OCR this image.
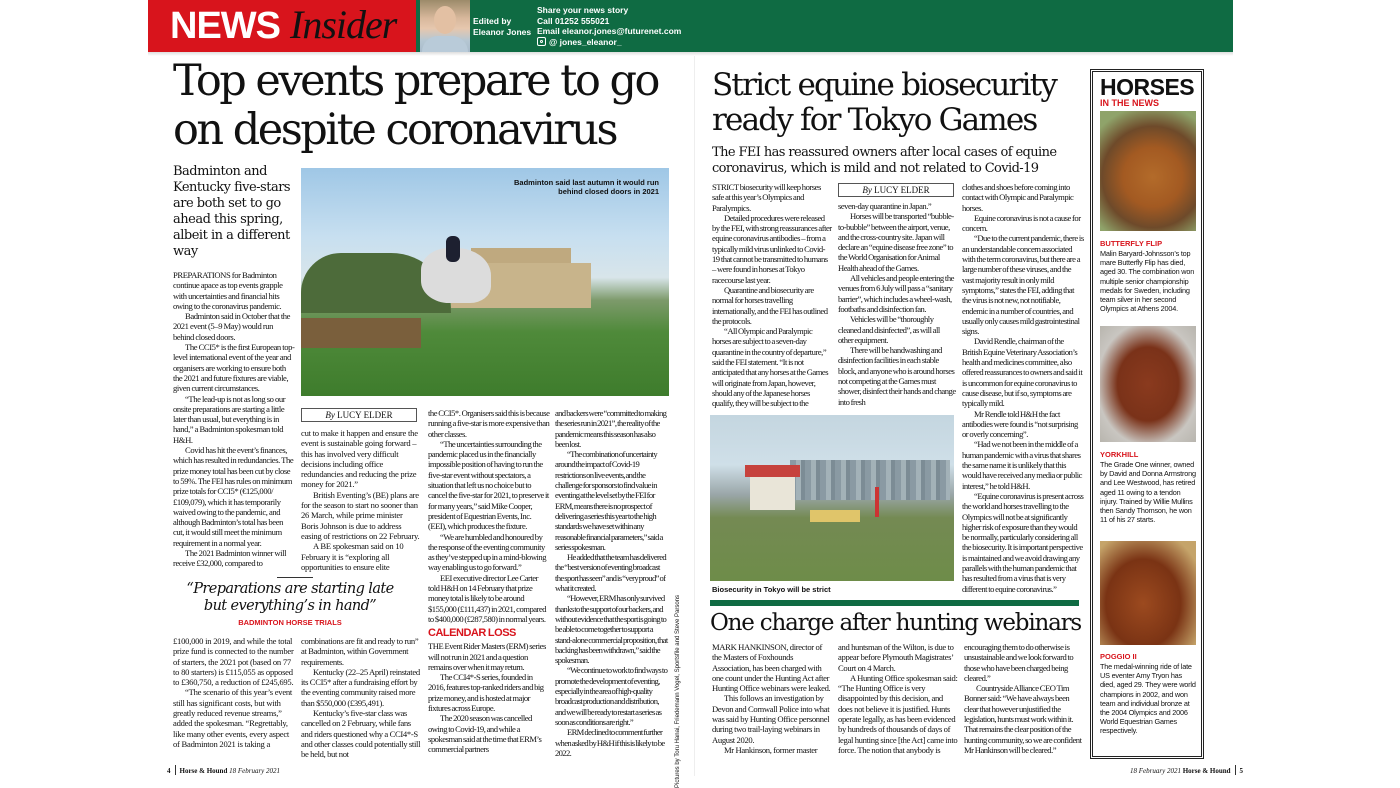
NEWS Insider	Edited by
Eleanor Jones
Share your news story
Call 01252 555021
Email eleanor.jones@futurenet.com
@ jones_eleanor_
Top events prepare to go
on despite coronavirus
Badminton and Kentucky five-stars are both set to go ahead this spring, albeit in a different way
Badminton said last autumn it would run behind closed doors in 2021

PREPARATIONS for Badminton continue apace as top events grapple with uncertainties and financial hits owing to the coronavirus pandemic.

Badminton said in October that the 2021 event (5–9 May) would run behind closed doors.

The CCI5* is the first European top-level international event of the year and organisers are working to ensure both the 2021 and future fixtures are viable, given current circumstances.

“The lead-up is not as long so our onsite preparations are starting a little later than usual, but everything is in hand,” a Badminton spokesman told H&H.

Covid has hit the event’s finances, which has resulted in redundancies. The prize money total has been cut by close to 59%. The FEI has rules on minimum prize totals for CCI5* (€125,000/£109,079), which it has temporarily waived owing to the pandemic, and although Badminton’s total has been cut, it would still meet the minimum requirement in a normal year.

The 2021 Badminton winner will receive £32,000, compared to

By LUCY ELDER

cut to make it happen and ensure the event is sustainable going forward – this has involved very difficult decisions including office redundancies and reducing the prize money for 2021.”

British Eventing’s (BE) plans are for the season to start no sooner than 26 March, while prime minister Boris Johnson is due to address easing of restrictions on 22 February.

A BE spokesman said on 10 February it is “exploring all opportunities to ensure elite

the CCI5*. Organisers said this is because running a five-star is more expensive than other classes.

“The uncertainties surrounding the pandemic placed us in the financially impossible position of having to run the five-star event without spectators, a situation that left us no choice but to cancel the five-star for 2021, to preserve it for many years,” said Mike Cooper, president of Equestrian Events, Inc. (EEI), which produces the fixture.

“We are humbled and honoured by the response of the eventing community as they’ve stepped up in a mind-blowing way enabling us to go forward.”

EEI executive director Lee Carter told H&H on 14 February that prize money total is likely to be around $155,000 (£111,437) in 2021, compared to $400,000 (£287,580) in normal years.

CALENDAR LOSS

THE Event Rider Masters (ERM) series will not run in 2021 and a question remains over when it may return.

The CCI4*-S series, founded in 2016, features top-ranked riders and big prize money, and is hosted at major fixtures across Europe.

The 2020 season was cancelled owing to Covid-19, and while a spokesman said at the time that ERM’s commercial partners

and backers were “committed to making the series run in 2021”, the reality of the pandemic means this season has also been lost.

“The combination of uncertainty around the impact of Covid-19 restrictions on live events, and the challenge for sponsors to find value in eventing at the level set by the FEI for ERM, means there is no prospect of delivering a series this year to the high standards we have set within any reasonable financial parameters,” said a series spokesman.

He added that the team has delivered the “best version of eventing broadcast the sport has seen” and is “very proud” of what it created.

“However, ERM has only survived thanks to the support of our backers, and without evidence that the sport is going to be able to come together to support a stand-alone commercial proposition, that backing has been withdrawn,” said the spokesman.

“We continue to work to find ways to promote the development of eventing, especially in the area of high-quality broadcast production and distribution, and we will be ready to restart a series as soon as conditions are right.”

ERM declined to comment further when asked by H&H if this is likely to be 2022.

“Preparations are starting late
but everything’s in hand”
BADMINTON HORSE TRIALS

£100,000 in 2019, and while the total prize fund is connected to the number of starters, the 2021 pot (based on 77 to 80 starters) is £115,055 as opposed to £360,750, a reduction of £245,695.

“The scenario of this year’s event still has significant costs, but with greatly reduced revenue streams,” added the spokesman. “Regrettably, like many other events, every aspect of Badminton 2021 is taking a

combinations are fit and ready to run” at Badminton, within Government requirements.

Kentucky (22–25 April) reinstated its CCI5* after a fundraising effort by the eventing community raised more than $550,000 (£395,491).

Kentucky’s five-star class was cancelled on 2 February, while fans and riders questioned why a CCI4*-S and other classes could potentially still be held, but not	Pictures by Toru Hanai, Friedemann Vogel, Sportsfile and Steve Parsons
4 Horse & Hound 18 February 2021
Strict equine biosecurity
ready for Tokyo Games
The FEI has reassured owners after local cases of equine coronavirus, which is mild and not related to Covid-19

STRICT biosecurity will keep horses safe at this year’s Olympics and Paralympics.

Detailed procedures were released by the FEI, with strong reassurances after equine coronavirus antibodies – from a typically mild virus unlinked to Covid-19 that cannot be transmitted to humans – were found in horses at Tokyo racecourse last year.

Quarantine and biosecurity are normal for horses travelling internationally, and the FEI has outlined the protocols.

“All Olympic and Paralympic horses are subject to a seven-day quarantine in the country of departure,” said the FEI statement. “It is not anticipated that any horses at the Games will originate from Japan, however, should any of the Japanese horses qualify, they will be subject to the

By LUCY ELDER

seven-day quarantine in Japan.”

Horses will be transported “bubble-to-bubble” between the airport, venue, and the cross-country site. Japan will declare an “equine disease free zone” to the World Organisation for Animal Health ahead of the Games.

All vehicles and people entering the venues from 6 July will pass a “sanitary barrier”, which includes a wheel-wash, footbaths and disinfection fan.

Vehicles will be “thoroughly cleaned and disinfected”, as will all other equipment.

There will be handwashing and disinfection facilities in each stable block, and anyone who is around horses not competing at the Games must shower, disinfect their hands and change into fresh

clothes and shoes before coming into contact with Olympic and Paralympic horses.

Equine coronavirus is not a cause for concern.

“Due to the current pandemic, there is an understandable concern associated with the term coronavirus, but there are a large number of these viruses, and the vast majority result in only mild symptoms,” states the FEI, adding that the virus is not new, not notifiable, endemic in a number of countries, and usually only causes mild gastrointestinal signs.

David Rendle, chairman of the British Equine Veterinary Association’s health and medicines committee, also offered reassurances to owners and said it is uncommon for equine coronavirus to cause disease, but if so, symptoms are typically mild.

Mr Rendle told H&H the fact antibodies were found is “not surprising or overly concerning”.

“Had we not been in the middle of a human pandemic with a virus that shares the same name it is unlikely that this would have received any media or public interest,” he told H&H.

“Equine coronavirus is present across the world and horses travelling to the Olympics will not be at significantly higher risk of exposure than they would be normally, particularly considering all the biosecurity. It is important perspective is maintained and we avoid drawing any parallels with the human pandemic that has resulted from a virus that is very different to equine coronavirus.”

Biosecurity in Tokyo will be strict
One charge after hunting webinars

MARK HANKINSON, director of the Masters of Foxhounds Association, has been charged with one count under the Hunting Act after Hunting Office webinars were leaked.

This follows an investigation by Devon and Cornwall Police into what was said by Hunting Office personnel during two trail-laying webinars in August 2020.

Mr Hankinson, former master

and huntsman of the Wilton, is due to appear before Plymouth Magistrates’ Court on 4 March.

A Hunting Office spokesman said: “The Hunting Office is very disappointed by this decision, and does not believe it is justified. Hunts operate legally, as has been evidenced by hundreds of thousands of days of legal hunting since [the Act] came into force. The notion that anybody is

encouraging them to do otherwise is unsustainable and we look forward to those who have been charged being cleared.”

Countryside Alliance CEO Tim Bonner said: “We have always been clear that however unjustified the legislation, hunts must work within it. That remains the clear position of the hunting community, so we are confident Mr Hankinson will be cleared.”

HORSES
IN THE NEWS
BUTTERFLY FLIP
Malin Baryard-Johnsson’s top mare Butterfly Flip has died, aged 30. The combination won multiple senior championship medals for Sweden, including team silver in her second Olympics at Athens 2004.
YORKHILL
The Grade One winner, owned by David and Donna Armstrong and Lee Westwood, has retired aged 11 owing to a tendon injury. Trained by Willie Mullins then Sandy Thomson, he won 11 of his 27 starts.
POGGIO II
The medal-winning ride of late US eventer Amy Tryon has died, aged 29. They were world champions in 2002, and won team and individual bronze at the 2004 Olympics and 2006 World Equestrian Games respectively.
18 February 2021 Horse & Hound 5
